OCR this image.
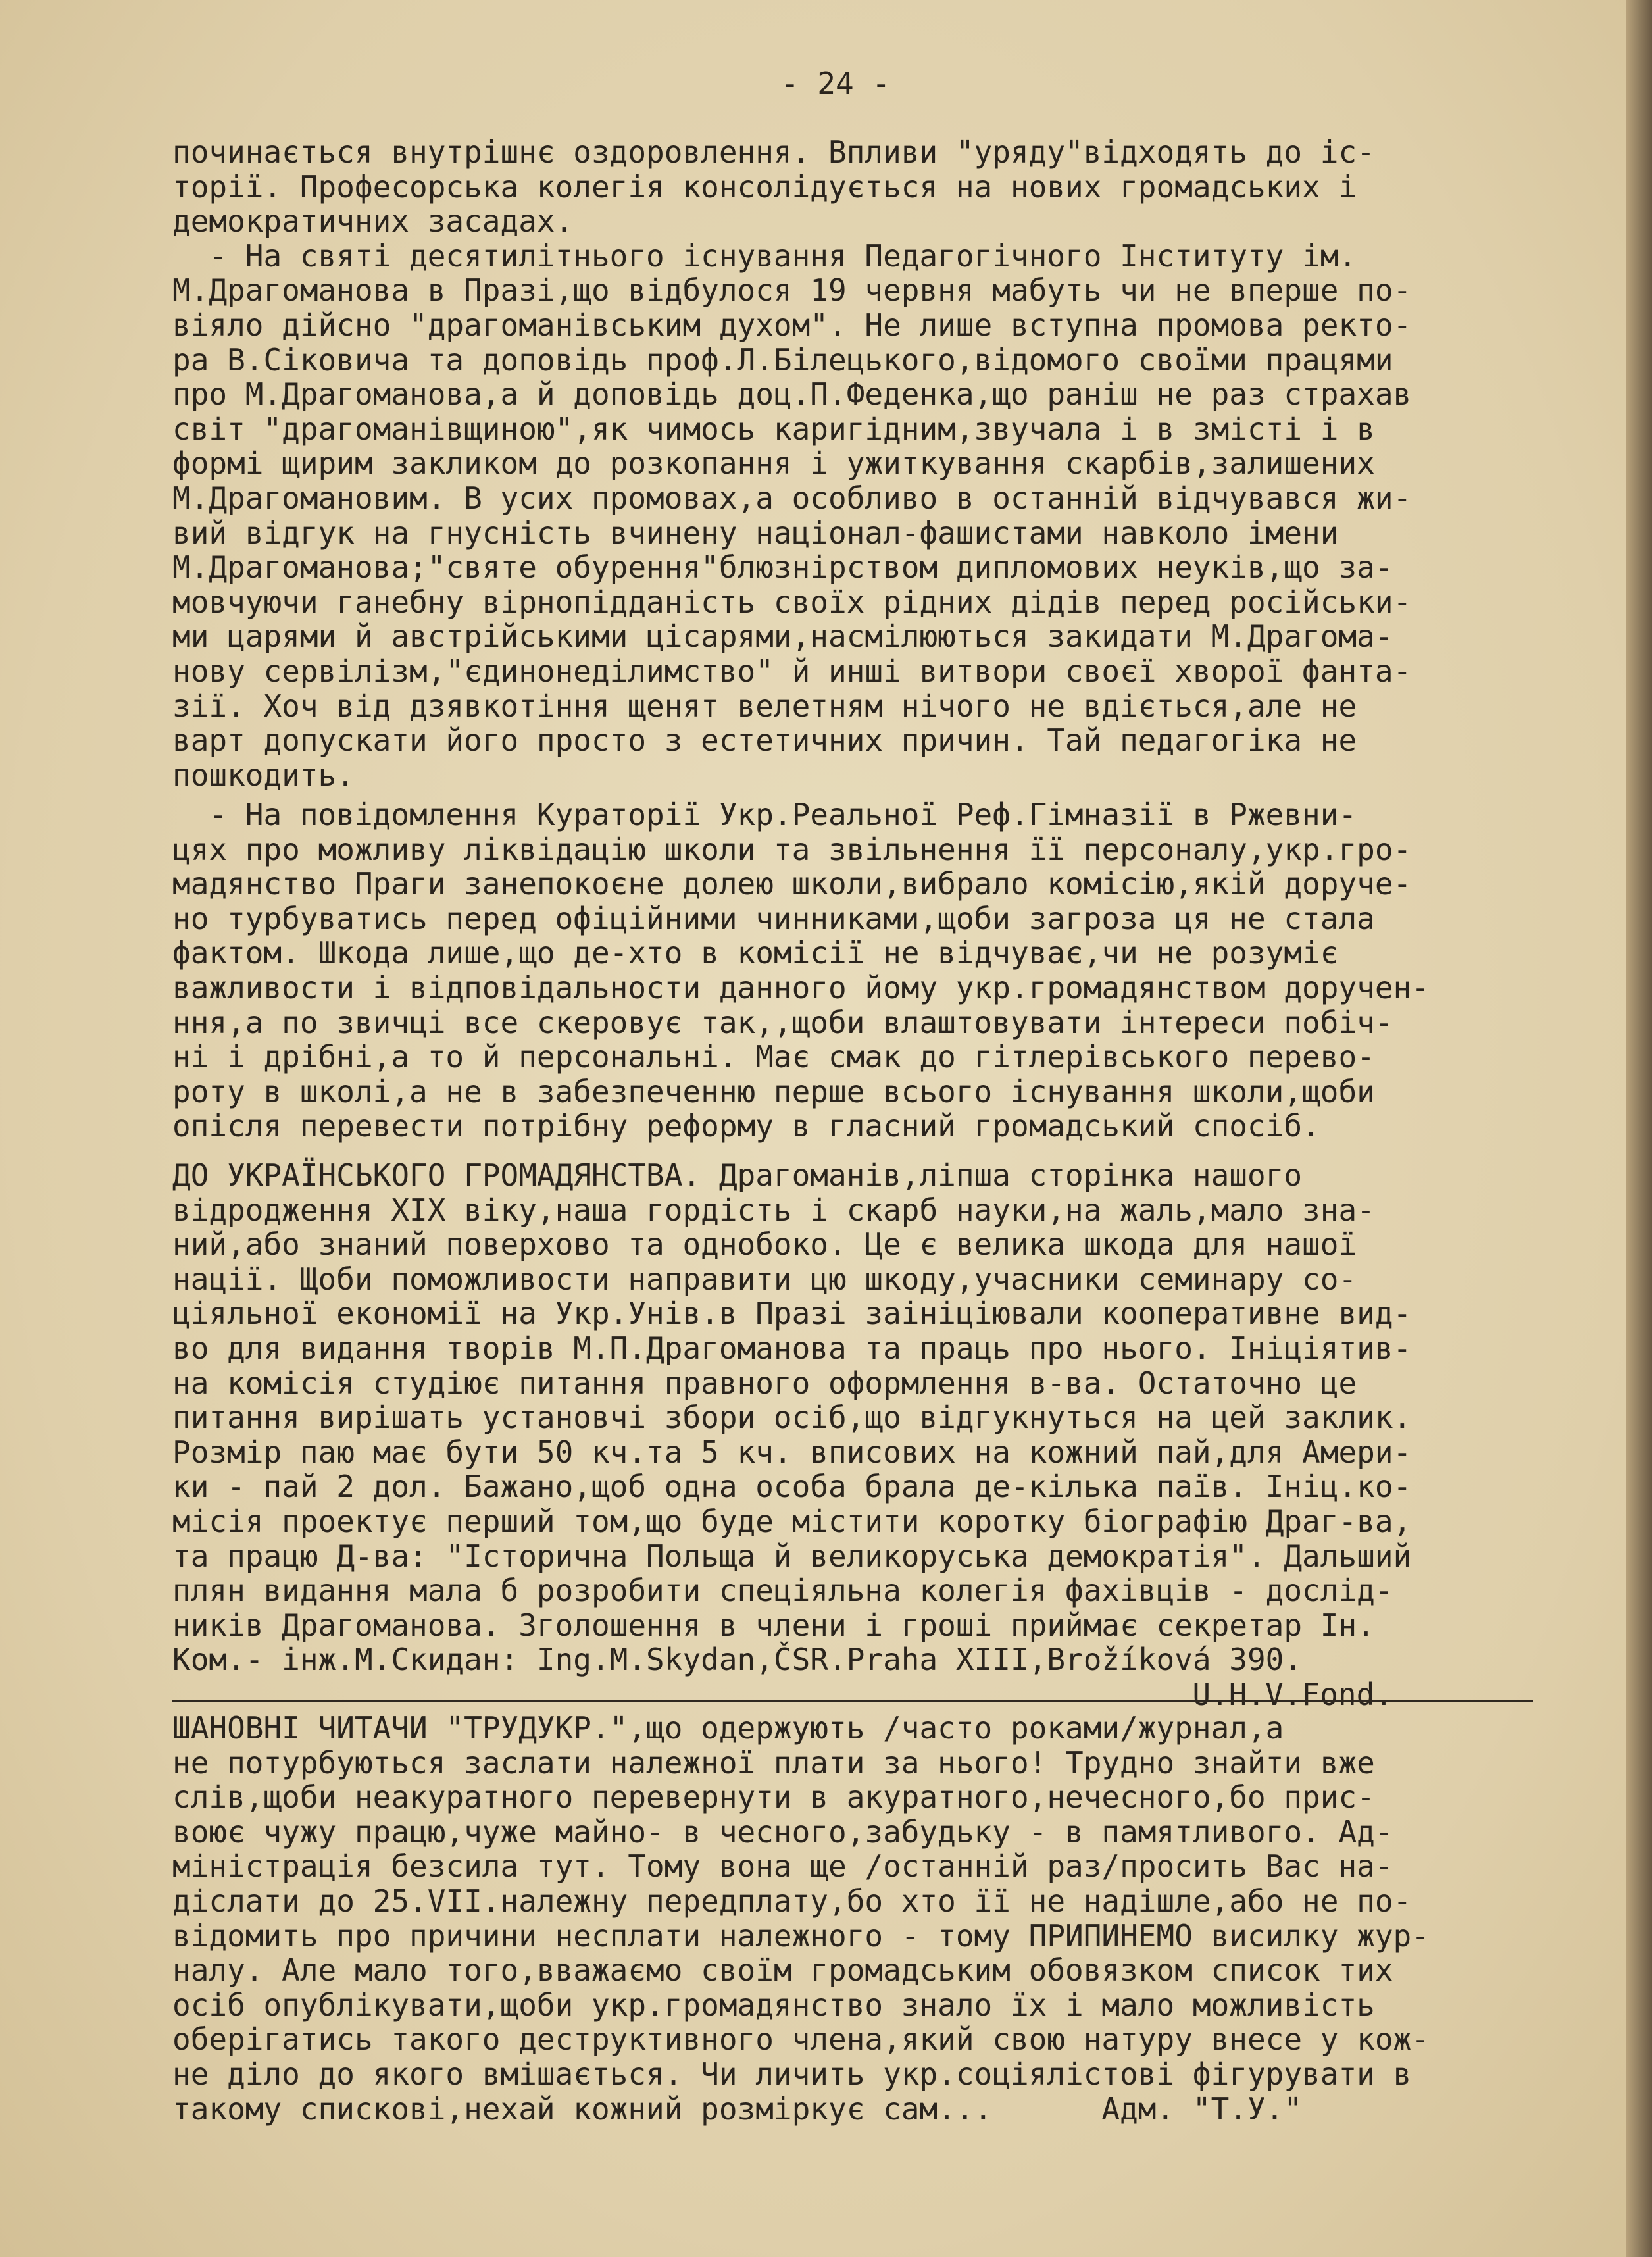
- 24 -
починається внутрішнє оздоровлення. Впливи "уряду"відходять до іс-
торії. Професорська колегія консолідується на нових громадських і
демократичних засадах.
- На святі десятилітнього існування Педагогічного Інституту ім.
М.Драгоманова в Празі,що відбулося 19 червня мабуть чи не вперше по-
віяло дійсно "драгоманівським духом". Не лише вступна промова ректо-
ра В.Сіковича та доповідь проф.Л.Білецького,відомого своїми працями
про М.Драгоманова,а й доповідь доц.П.Феденка,що раніш не раз страхав
світ "драгоманівщиною",як чимось каригідним,звучала і в змісті і в
формі щирим закликом до розкопання і ужиткування скарбів,залишених
М.Драгомановим. В усих промовах,а особливо в останній відчувався жи-
вий відгук на гнусність вчинену націонал-фашистами навколо імени
М.Драгоманова;"святе обурення"блюзнірством дипломових неуків,що за-
мовчуючи ганебну вірнопідданість своїх рідних дідів перед російськи-
ми царями й австрійськими цісарями,насмілюються закидати М.Драгома-
нову сервілізм,"єдинонеділимство" й инші витвори своєї хворої фанта-
зії. Хоч від дзявкотіння щенят велетням нічого не вдіється,але не
варт допускати його просто з естетичних причин. Тай педагогіка не
пошкодить.
- На повідомлення Кураторії Укр.Реальної Реф.Гімназії в Ржевни-
цях про можливу ліквідацію школи та звільнення її персоналу,укр.гро-
мадянство Праги занепокоєне долею школи,вибрало комісію,якій доруче-
но турбуватись перед офіційними чинниками,щоби загроза ця не стала
фактом. Шкода лише,що де-хто в комісії не відчуває,чи не розуміє
важливости і відповідальности данного йому укр.громадянством доручен-
ння,а по звичці все скеровує так,,щоби влаштовувати інтереси побіч-
ні і дрібні,а то й персональні. Має смак до гітлерівського перево-
роту в школі,а не в забезпеченню перше всього існування школи,щоби
опісля перевести потрібну реформу в гласний громадський спосіб.
ДО УКРАЇНСЬКОГО ГРОМАДЯНСТВА. Драгоманів,ліпша сторінка нашого
відродження XIX віку,наша гордість і скарб науки,на жаль,мало зна-
ний,або знаний поверхово та однобоко. Це є велика шкода для нашої
нації. Щоби поможливости направити цю шкоду,учасники семинару со-
ціяльної економії на Укр.Унів.в Празі заініціювали кооперативне вид-
во для видання творів М.П.Драгоманова та праць про нього. Ініціятив-
на комісія студіює питання правного оформлення в-ва. Остаточно це
питання вирішать установчі збори осіб,що відгукнуться на цей заклик.
Розмір паю має бути 50 кч.та 5 кч. вписових на кожний пай,для Амери-
ки - пай 2 дол. Бажано,щоб одна особа брала де-кілька паїв. Ініц.ко-
місія проектує перший том,що буде містити коротку біографію Драг-ва,
та працю Д-ва: "Історична Польща й великоруська демократія". Дальший
плян видання мала б розробити спеціяльна колегія фахівців - дослід-
ників Драгоманова. Зголошення в члени і гроші приймає секретар Ін.
Ком.- інж.М.Скидан: Ing.M.Skydan,ČSR.Praha XIII,Brožíková 390.
U.H.V.Fond.
ШАНОВНІ ЧИТАЧИ "ТРУДУКР.",що одержують /часто роками/журнал,а
не потурбуються заслати належної плати за нього! Трудно знайти вже
слів,щоби неакуратного перевернути в акуратного,нечесного,бо прис-
воює чужу працю,чуже майно- в чесного,забудьку - в памятливого. Ад-
міністрація безсила тут. Тому вона ще /останній раз/просить Вас на-
діслати до 25.VII.належну передплату,бо хто її не надішле,або не по-
відомить про причини несплати належного - тому ПРИПИНЕМО висилку жур-
налу. Але мало того,вважаємо своїм громадським обовязком список тих
осіб опублікувати,щоби укр.громадянство знало їх і мало можливість
оберігатись такого деструктивного члена,який свою натуру внесе у кож-
не діло до якого вмішається. Чи личить укр.соціялістові фігурувати в
такому спискові,нехай кожний розміркує сам...      Адм. "Т.У."
